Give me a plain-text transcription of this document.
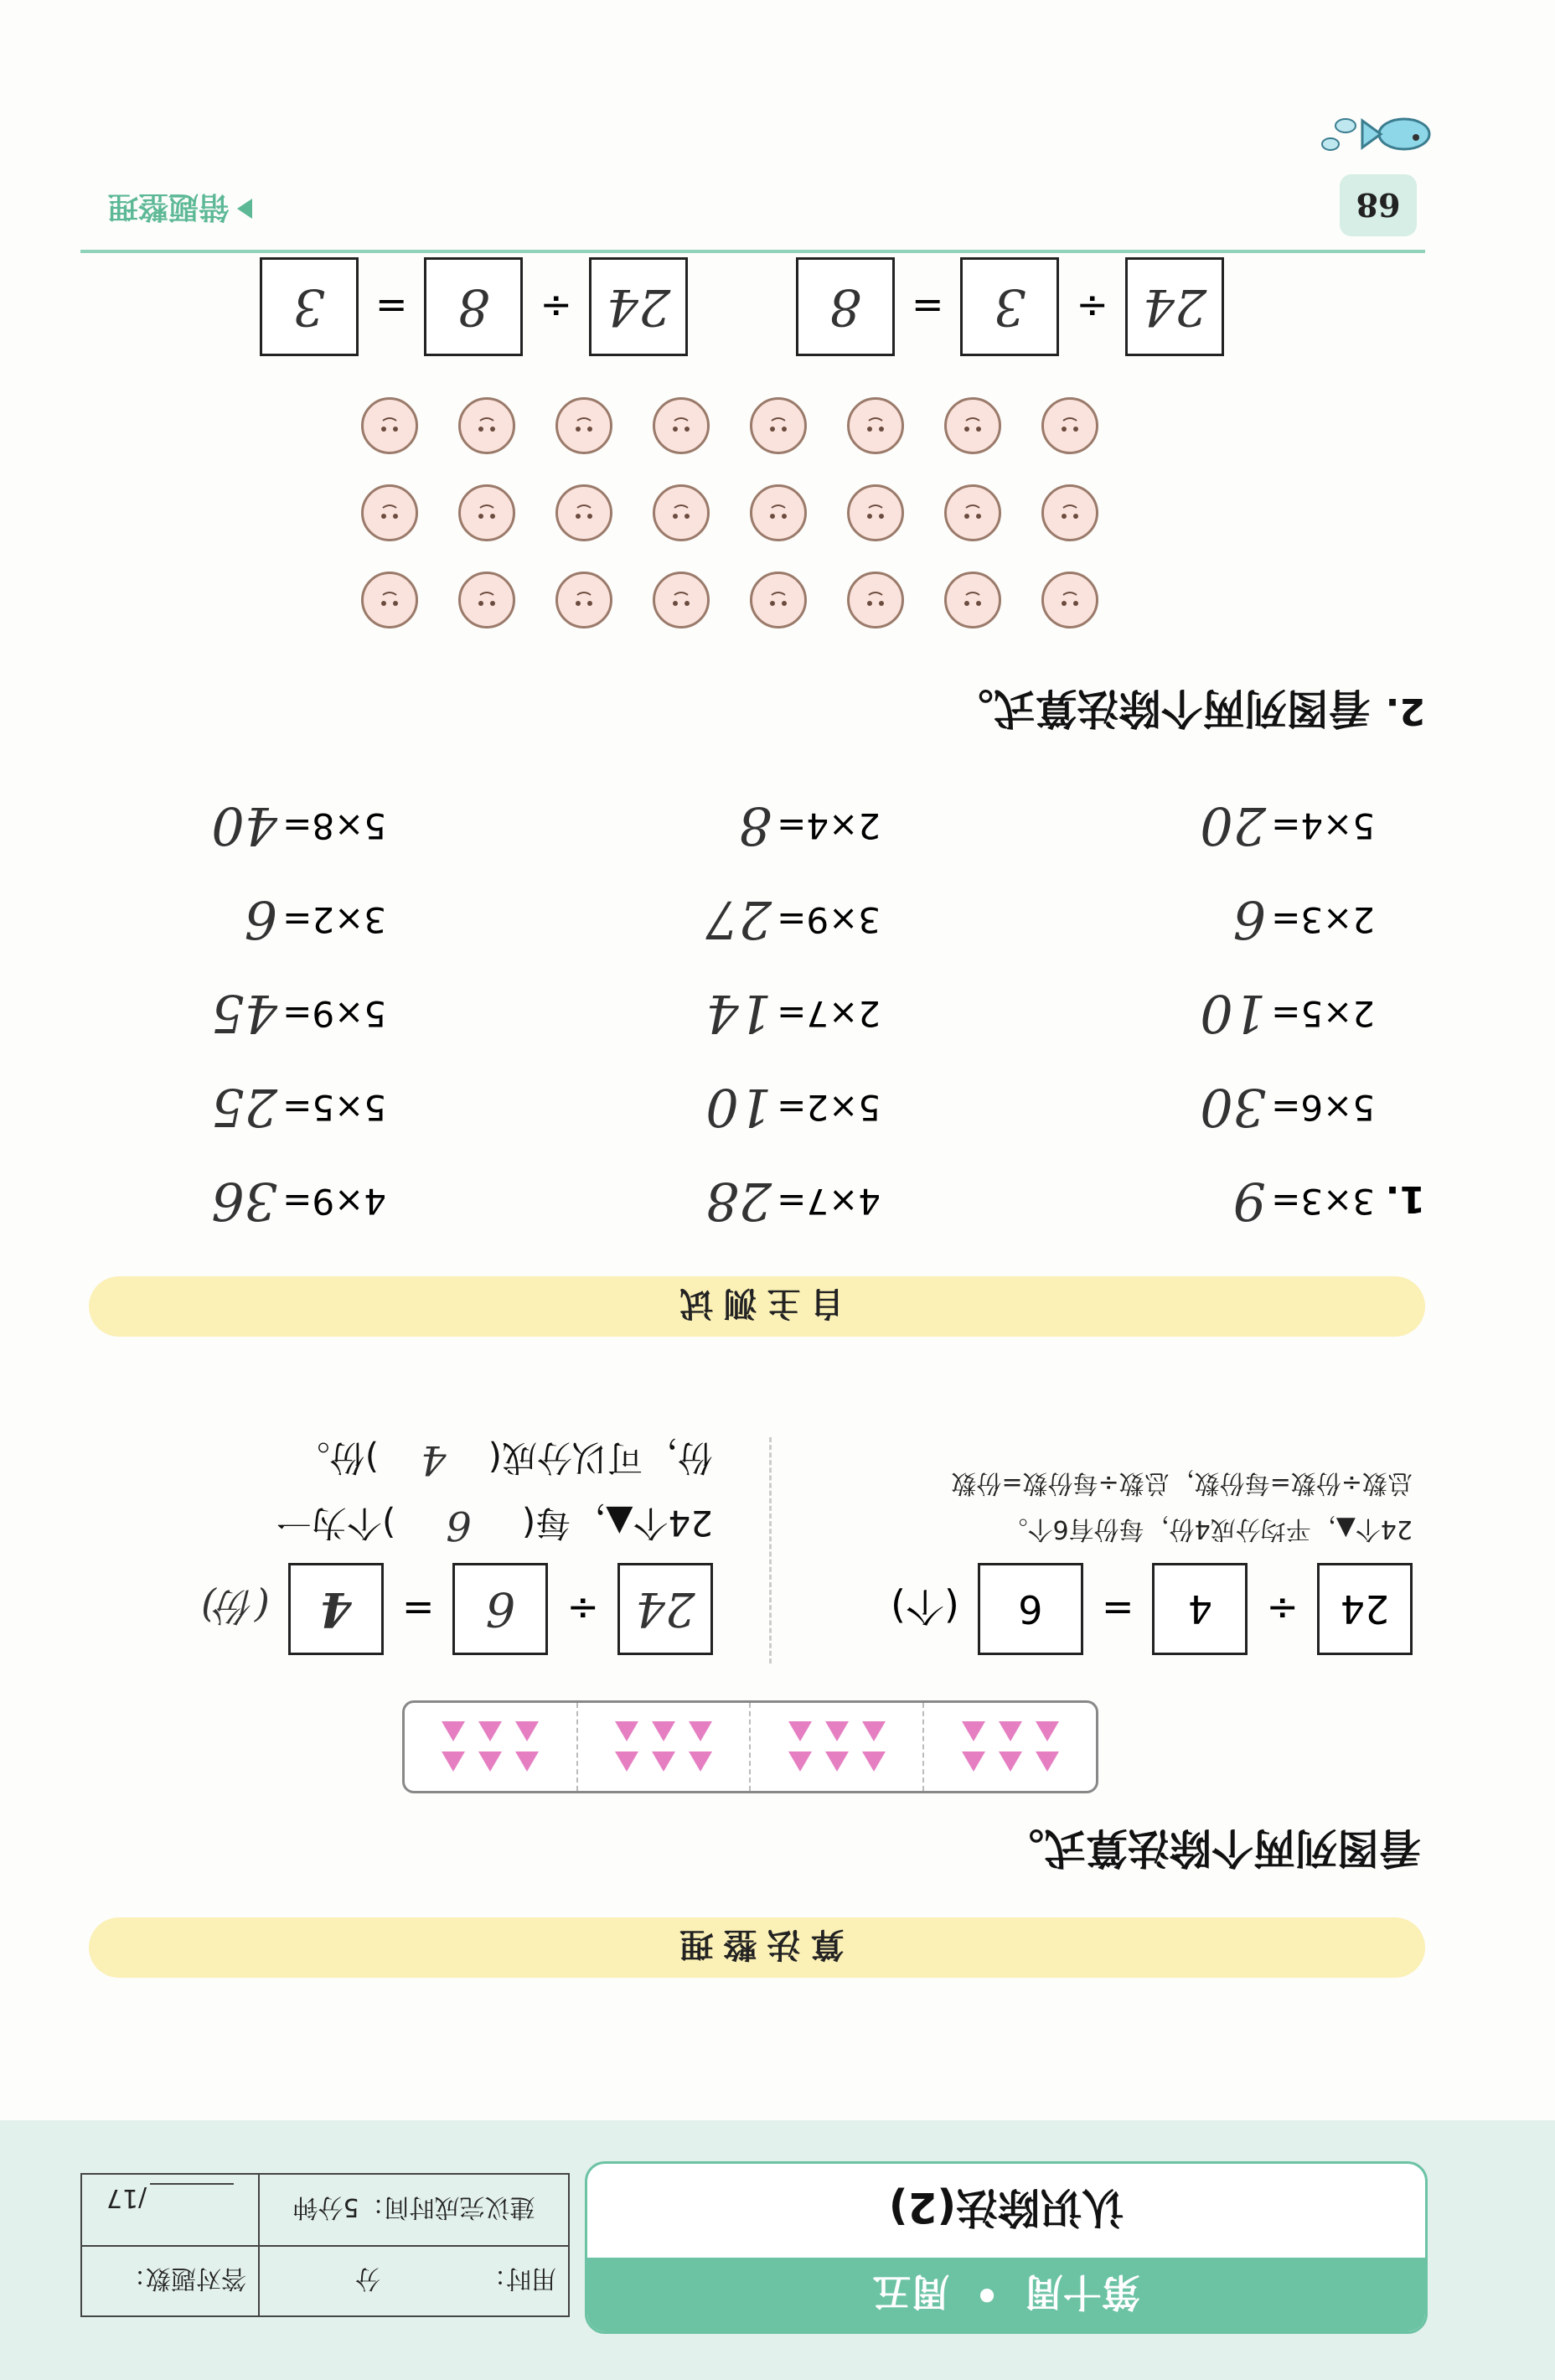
第十周
•
周五
认识除法(2)
用时：
分
答对题数：
建议完成时间：5分钟
/17
算法整理
看图列两个除法算式。
24
÷
4
=
6
(个)
24个▲，平均分成4份，每份有6个。
总数÷份数=每份数，总数÷每份数=份数
24
÷
6
=
4
(份)
24个▲，每(
6
)个为一
份，可以分成(
4
)份。
自主测试
1.
3×3=
9
4×7=
28
4×9=
36
5×6=
30
5×2=
10
5×5=
25
2×5=
10
2×7=
14
5×9=
45
2×3=
6
3×9=
27
3×2=
6
5×4=
20
2×4=
8
5×8=
40
2.
看图列两个除法算式。
24
÷
3
=
8
24
÷
8
=
3
错题整理	68
